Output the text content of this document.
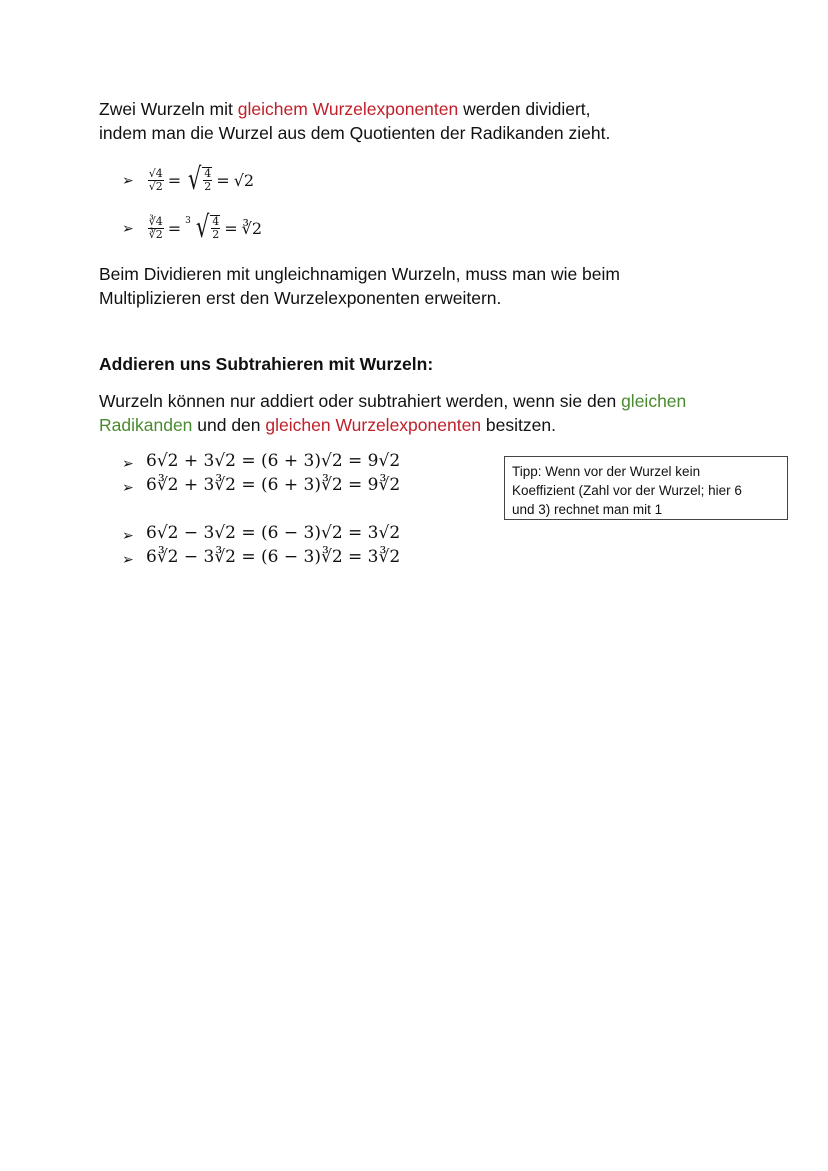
Zwei Wurzeln mit gleichem Wurzelexponenten werden dividiert,
indem man die Wurzel aus dem Quotienten der Radikanden zieht.

➢ $\frac{√4}{√2}$ = √ $\frac{4}{2} = √2$
➢ $\frac{∛4}{∛2} = 3$ √ $\frac{4}{2}$ = ∛2

Beim Dividieren mit ungleichnamigen Wurzeln, muss man wie beim
Multiplizieren erst den Wurzelexponenten erweitern.

Addieren uns Subtrahieren mit Wurzeln:

Wurzeln können nur addiert oder subtrahiert werden, wenn sie den gleichen
Radikanden und den gleichen Wurzelexponenten besitzen.

➢ 6√2 + 3√2 = (6 + 3)√2 = 9√2
➢ 6∛2 + 3∛2 = (6 + 3)∛2 = 9∛2
➢ 6√2 − 3√2 = (6 − 3)√2 = 3√2
➢ 6∛2 − 3∛2 = (6 − 3)∛2 = 3∛2
Tipp: Wenn vor der Wurzel kein
Koeffizient (Zahl vor der Wurzel; hier 6
und 3) rechnet man mit 1
